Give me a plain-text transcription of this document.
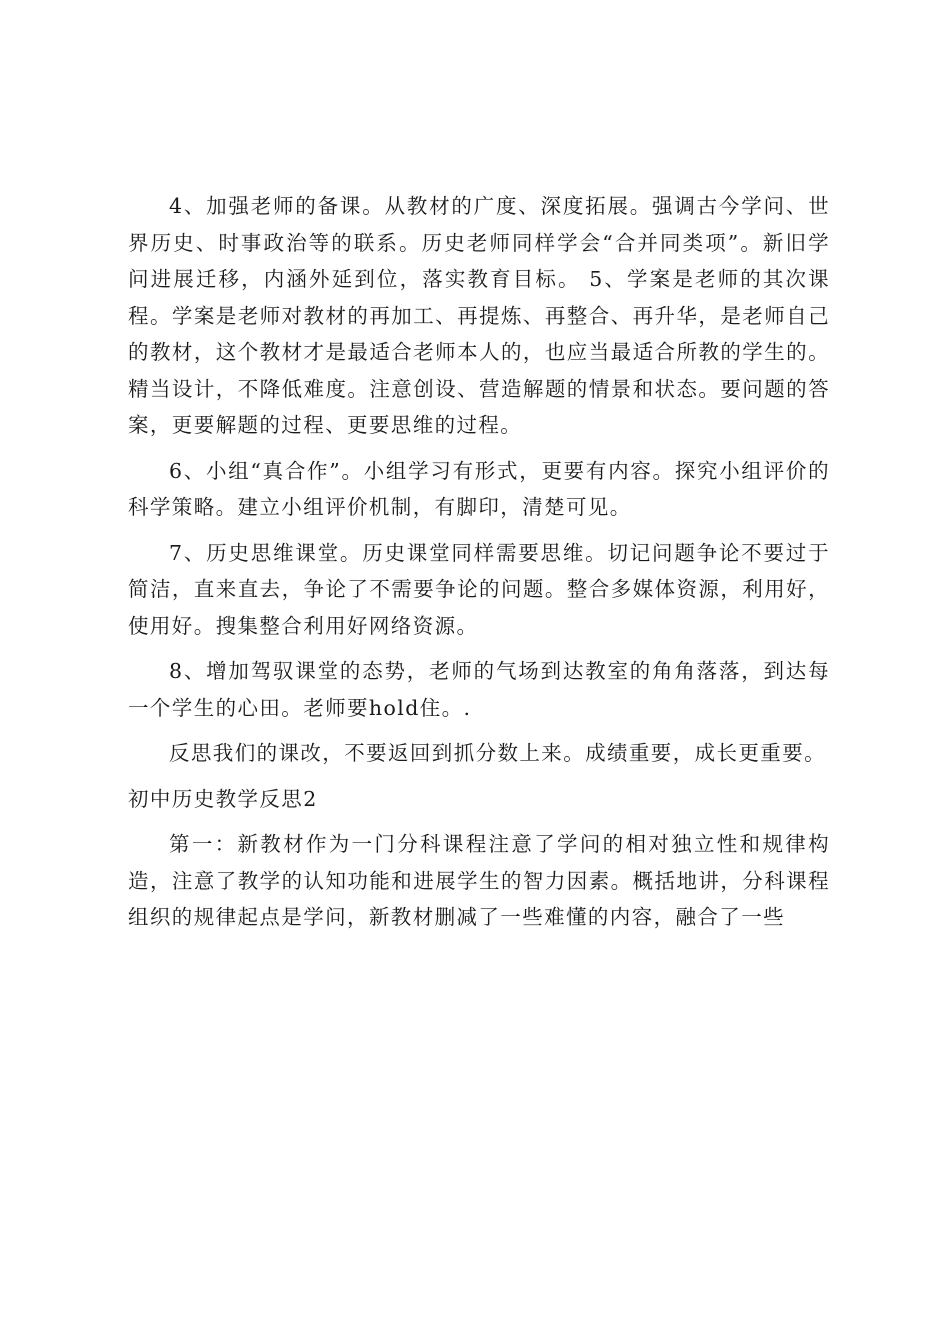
4、加强老师的备课。从教材的广度、深度拓展。强调古今学问、世界历史、时事政治等的联系。历史老师同样学会“合并同类项”。新旧学问进展迁移，内涵外延到位，落实教育目标。 5、学案是老师的其次课程。学案是老师对教材的再加工、再提炼、再整合、再升华，是老师自己的教材，这个教材才是最适合老师本人的，也应当最适合所教的学生的。精当设计，不降低难度。注意创设、营造解题的情景和状态。要问题的答案，更要解题的过程、更要思维的过程。

6、小组“真合作”。小组学习有形式，更要有内容。探究小组评价的科学策略。建立小组评价机制，有脚印，清楚可见。

7、历史思维课堂。历史课堂同样需要思维。切记问题争论不要过于简洁，直来直去，争论了不需要争论的问题。整合多媒体资源，利用好，使用好。搜集整合利用好网络资源。

8、增加驾驭课堂的态势，老师的气场到达教室的角角落落，到达每一个学生的心田。老师要hold住。.

反思我们的课改，不要返回到抓分数上来。成绩重要，成长更重要。

初中历史教学反思2

第一：新教材作为一门分科课程注意了学问的相对独立性和规律构造，注意了教学的认知功能和进展学生的智力因素。概括地讲，分科课程组织的规律起点是学问，新教材删减了一些难懂的内容，融合了一些
